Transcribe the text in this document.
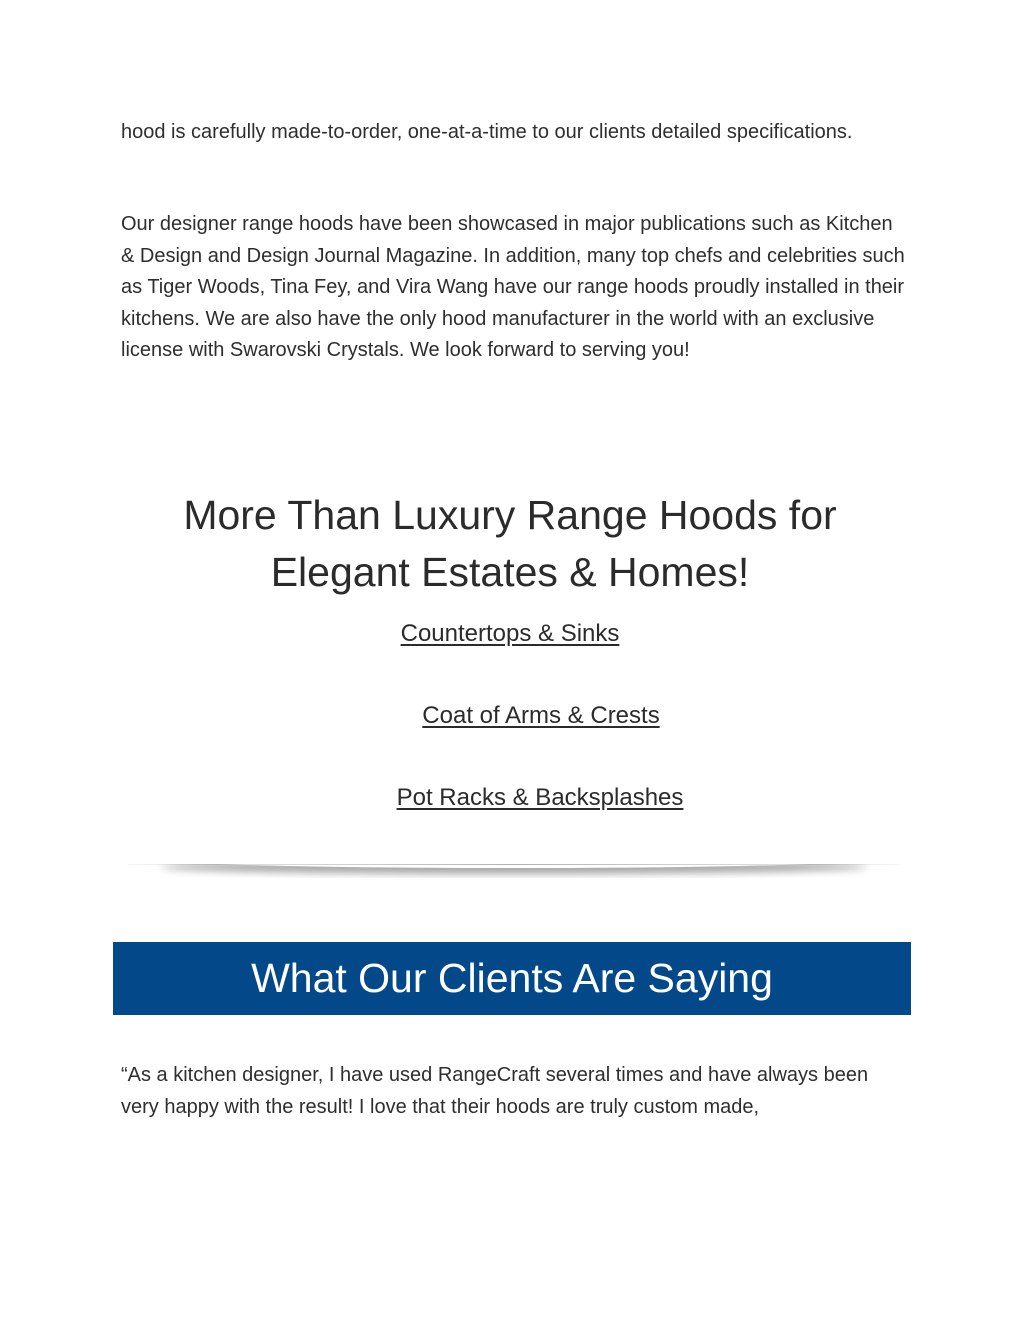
hood is carefully made-to-order, one-at-a-time to our clients detailed specifications.

Our designer range hoods have been showcased in major publications such as Kitchen & Design and Design Journal Magazine. In addition, many top chefs and celebrities such as Tiger Woods, Tina Fey, and Vira Wang have our range hoods proudly installed in their kitchens. We are also have the only hood manufacturer in the world with an exclusive license with Swarovski Crystals. We look forward to serving you!

More Than Luxury Range Hoods for
Elegant Estates & Homes!
Countertops & Sinks
Coat of Arms & Crests
Pot Racks & Backsplashes
What Our Clients Are Saying

“As a kitchen designer, I have used RangeCraft several times and have always been very happy with the result! I love that their hoods are truly custom made,
